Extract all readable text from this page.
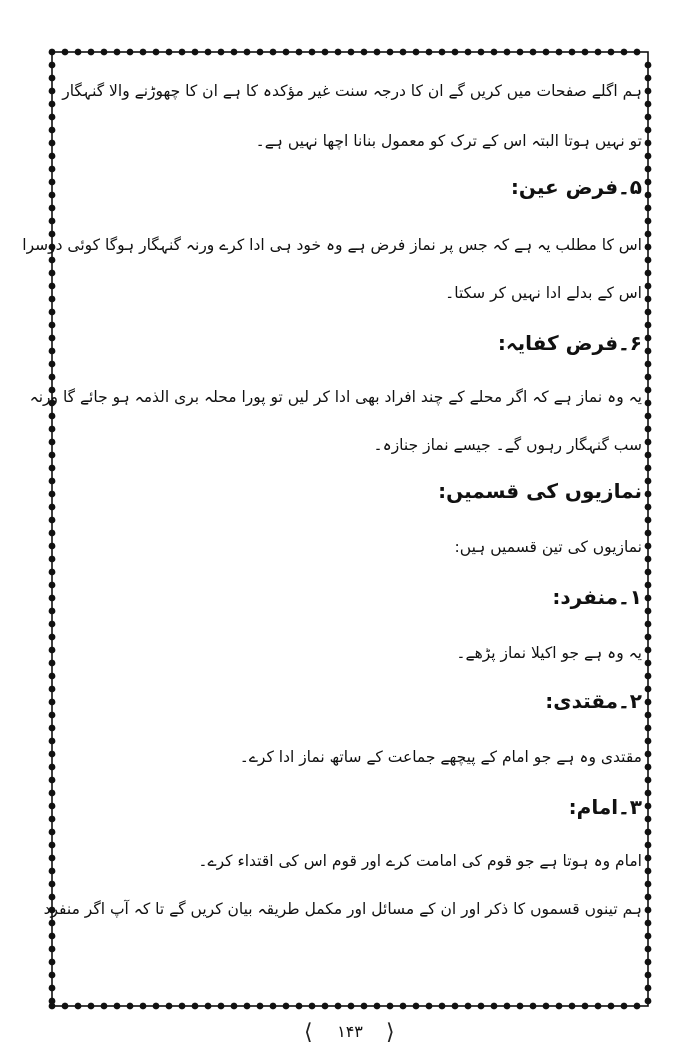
ہم اگلے صفحات میں کریں گے ان کا درجہ سنت غیر مؤکدہ کا ہے ان کا چھوڑنے والا گنہگار
تو نہیں ہوتا البتہ اس کے ترک کو معمول بنانا اچھا نہیں ہے۔
۵۔فرض عین:
اس کا مطلب یہ ہے کہ جس پر نماز فرض ہے وہ خود ہی ادا کرے ورنہ گنہگار ہوگا کوئی دوسرا
اس کے بدلے ادا نہیں کر سکتا۔
۶۔فرض کفایہ:
یہ وہ نماز ہے کہ اگر محلے کے چند افراد بھی ادا کر لیں تو پورا محلہ بری الذمہ ہو جائے گا ورنہ
سب گنہگار رہوں گے۔ جیسے نماز جنازہ۔
نمازیوں کی قسمیں:
نمازیوں کی تین قسمیں ہیں:
۱۔منفرد:
یہ وہ ہے جو اکیلا نماز پڑھے۔
۲۔مقتدی:
مقتدی وہ ہے جو امام کے پیچھے جماعت کے ساتھ نماز ادا کرے۔
۳۔امام:
امام وہ ہوتا ہے جو قوم کی امامت کرے اور قوم اس کی اقتداء کرے۔
ہم تینوں قسموں کا ذکر اور ان کے مسائل اور مکمل طریقہ بیان کریں گے تا کہ آپ اگر منفرد
⟨	۱۴۳	⟩
